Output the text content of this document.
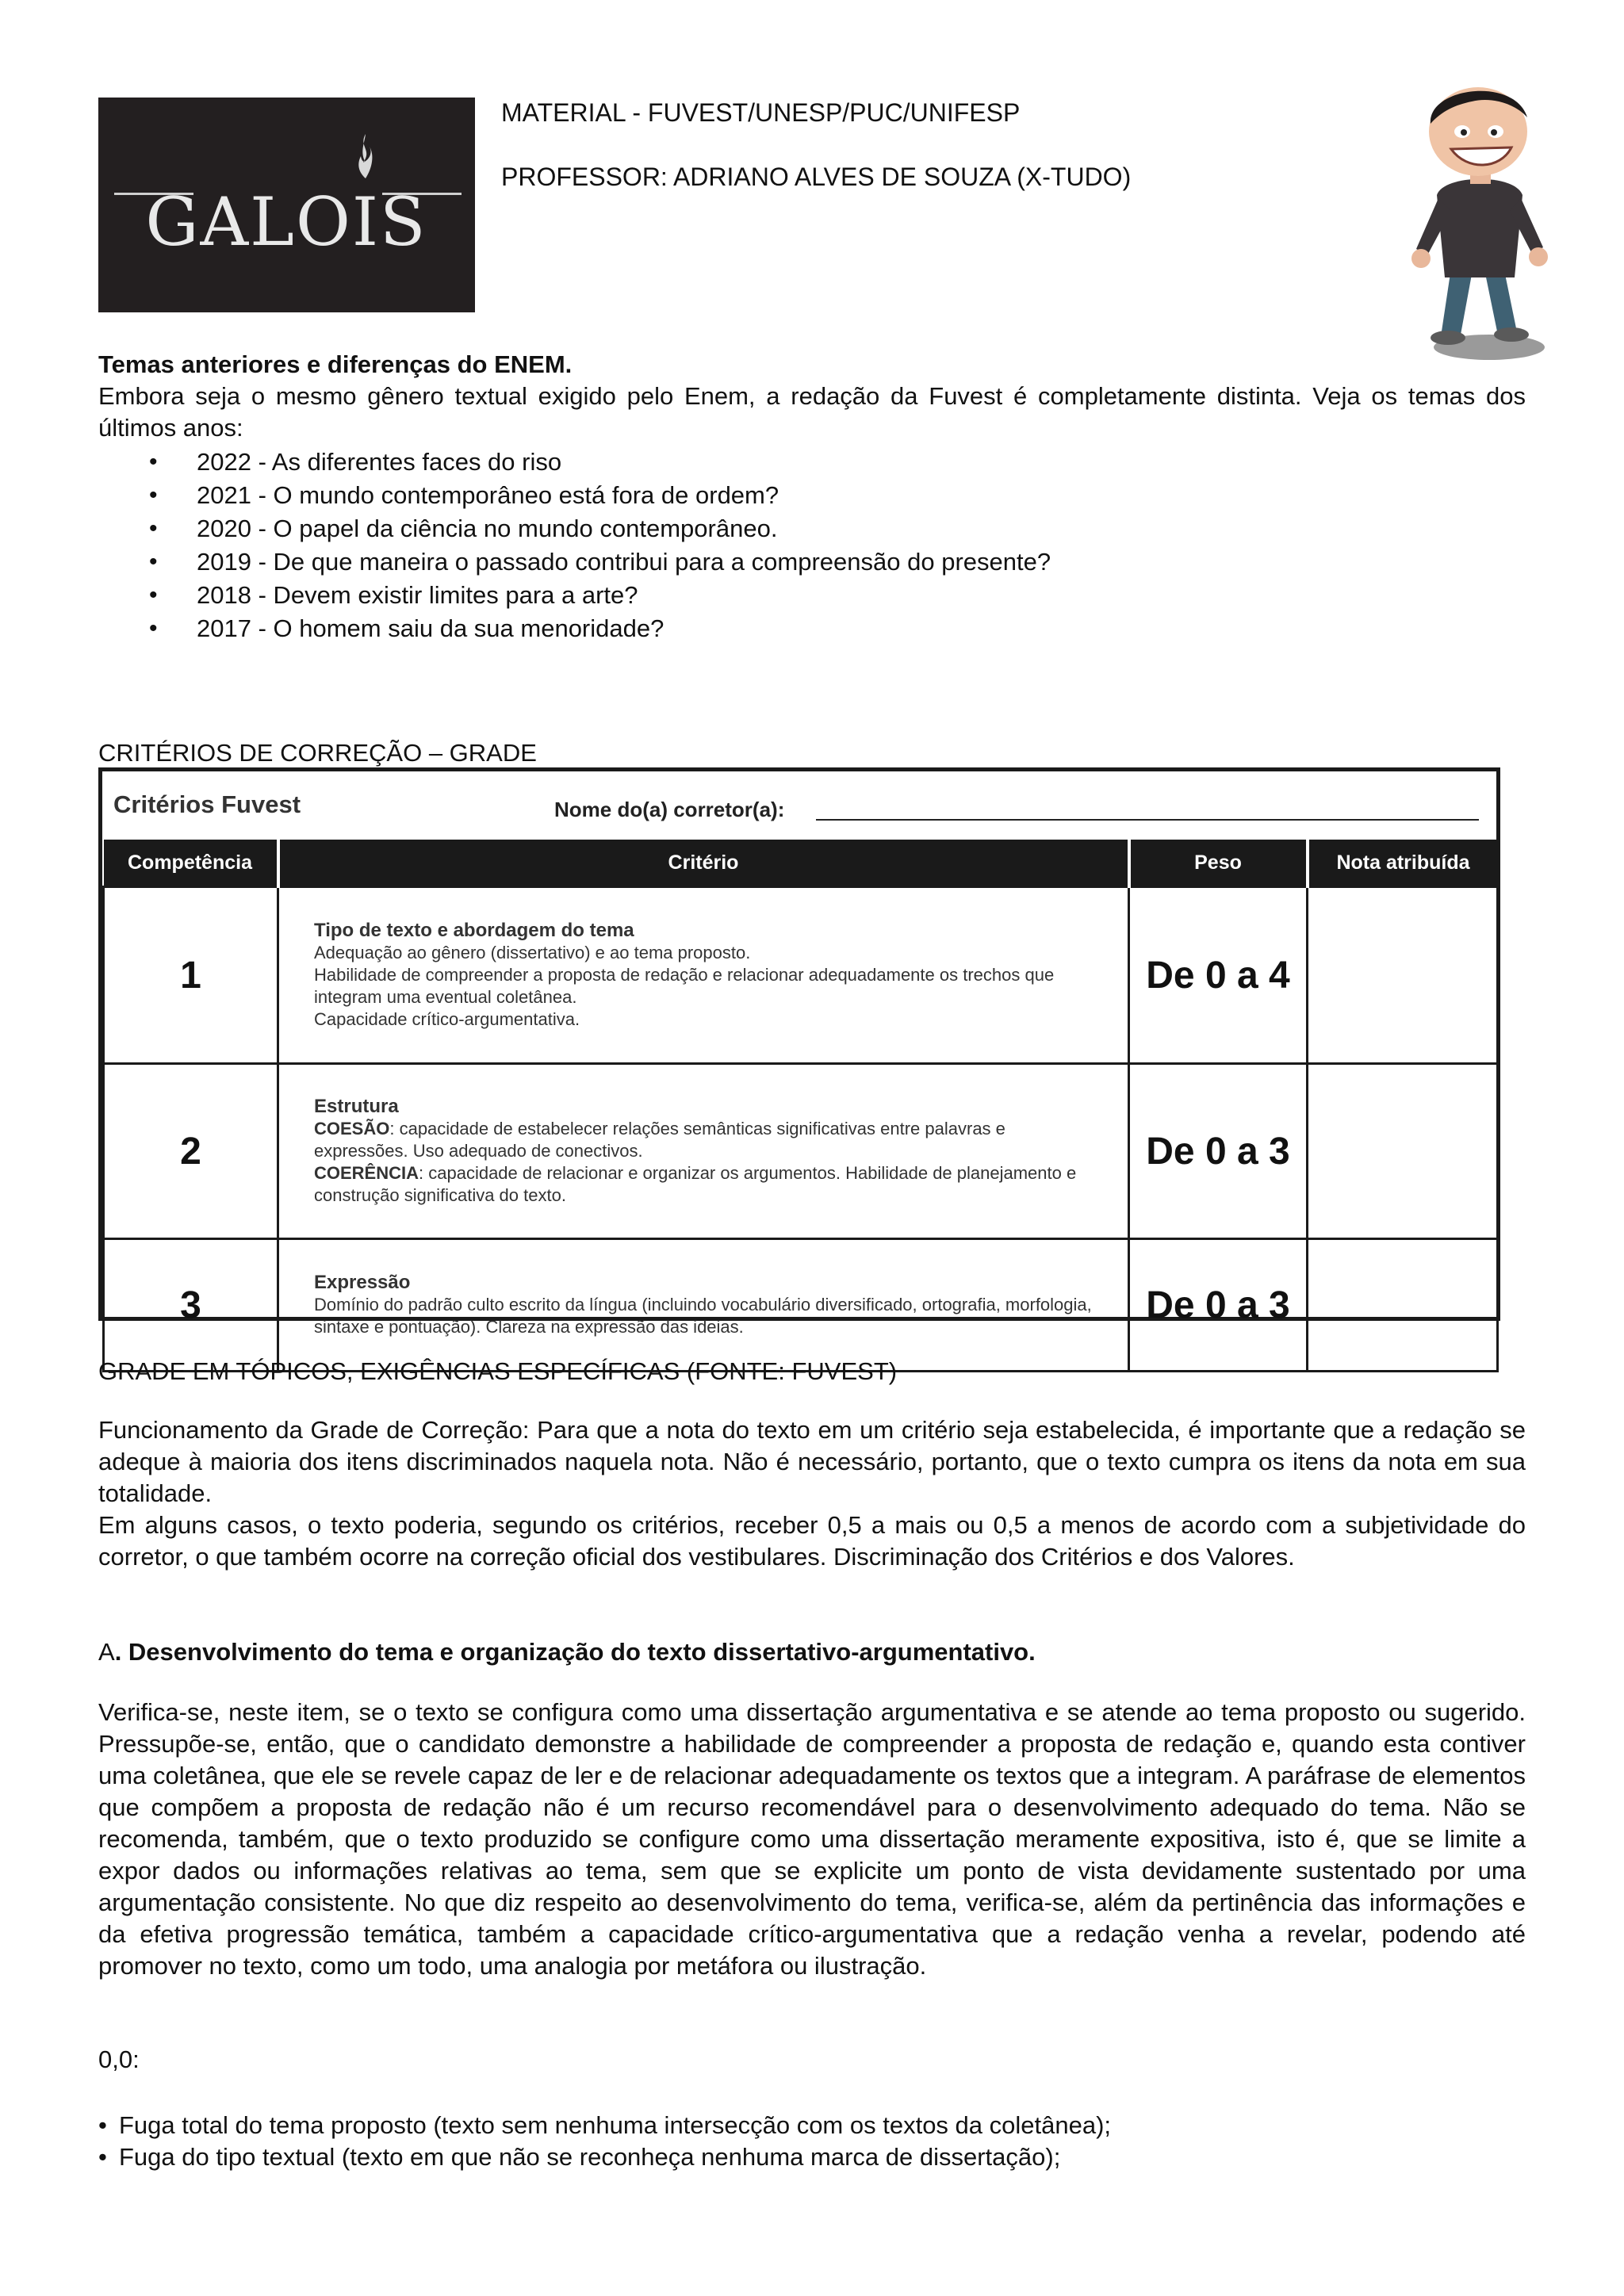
GALOIS
MATERIAL - FUVEST/UNESP/PUC/UNIFESP
PROFESSOR: ADRIANO ALVES DE SOUZA (X-TUDO)

Temas anteriores e diferenças do ENEM.

Embora seja o mesmo gênero textual exigido pelo Enem, a redação da Fuvest é completamente distinta. Veja os temas dos últimos anos:

• 2022 - As diferentes faces do riso
• 2021 - O mundo contemporâneo está fora de ordem?
• 2020 - O papel da ciência no mundo contemporâneo.
• 2019 - De que maneira o passado contribui para a compreensão do presente?
• 2018 - Devem existir limites para a arte?
• 2017 - O homem saiu da sua menoridade?
CRITÉRIOS DE CORREÇÃO – GRADE
Critérios Fuvest	Nome do(a) corretor(a):
Competência	Critério	Peso	Nota atribuída
1	Tipo de texto e abordagem do tema
Adequação ao gênero (dissertativo) e ao tema proposto.
Habilidade de compreender a proposta de redação e relacionar adequadamente os trechos que integram uma eventual coletânea.
Capacidade crítico-argumentativa.	De 0 a 4	
2	Estrutura
COESÃO: capacidade de estabelecer relações semânticas significativas entre palavras e expressões. Uso adequado de conectivos.
COERÊNCIA: capacidade de relacionar e organizar os argumentos. Habilidade de planejamento e construção significativa do texto.	De 0 a 3	
3	Expressão
Domínio do padrão culto escrito da língua (incluindo vocabulário diversificado, ortografia, morfologia, sintaxe e pontuação). Clareza na expressão das ideias.	De 0 a 3	
GRADE EM TÓPICOS, EXIGÊNCIAS ESPECÍFICAS (FONTE: FUVEST)

Funcionamento da Grade de Correção: Para que a nota do texto em um critério seja estabelecida, é importante que a redação se adeque à maioria dos itens discriminados naquela nota. Não é necessário, portanto, que o texto cumpra os itens da nota em sua totalidade.

Em alguns casos, o texto poderia, segundo os critérios, receber 0,5 a mais ou 0,5 a menos de acordo com a subjetividade do corretor, o que também ocorre na correção oficial dos vestibulares. Discriminação dos Critérios e dos Valores.

A. Desenvolvimento do tema e organização do texto dissertativo-argumentativo.
Verifica-se, neste item, se o texto se configura como uma dissertação argumentativa e se atende ao tema proposto ou sugerido. Pressupõe-se, então, que o candidato demonstre a habilidade de compreender a proposta de redação e, quando esta contiver uma coletânea, que ele se revele capaz de ler e de relacionar adequadamente os textos que a integram. A paráfrase de elementos que compõem a proposta de redação não é um recurso recomendável para o desenvolvimento adequado do tema. Não se recomenda, também, que o texto produzido se configure como uma dissertação meramente expositiva, isto é, que se limite a expor dados ou informações relativas ao tema, sem que se explicite um ponto de vista devidamente sustentado por uma argumentação consistente. No que diz respeito ao desenvolvimento do tema, verifica-se, além da pertinência das informações e da efetiva progressão temática, também a capacidade crítico-argumentativa que a redação venha a revelar, podendo até promover no texto, como um todo, uma analogia por metáfora ou ilustração.
0,0:
• Fuga total do tema proposto (texto sem nenhuma intersecção com os textos da coletânea);
• Fuga do tipo textual (texto em que não se reconheça nenhuma marca de dissertação);
